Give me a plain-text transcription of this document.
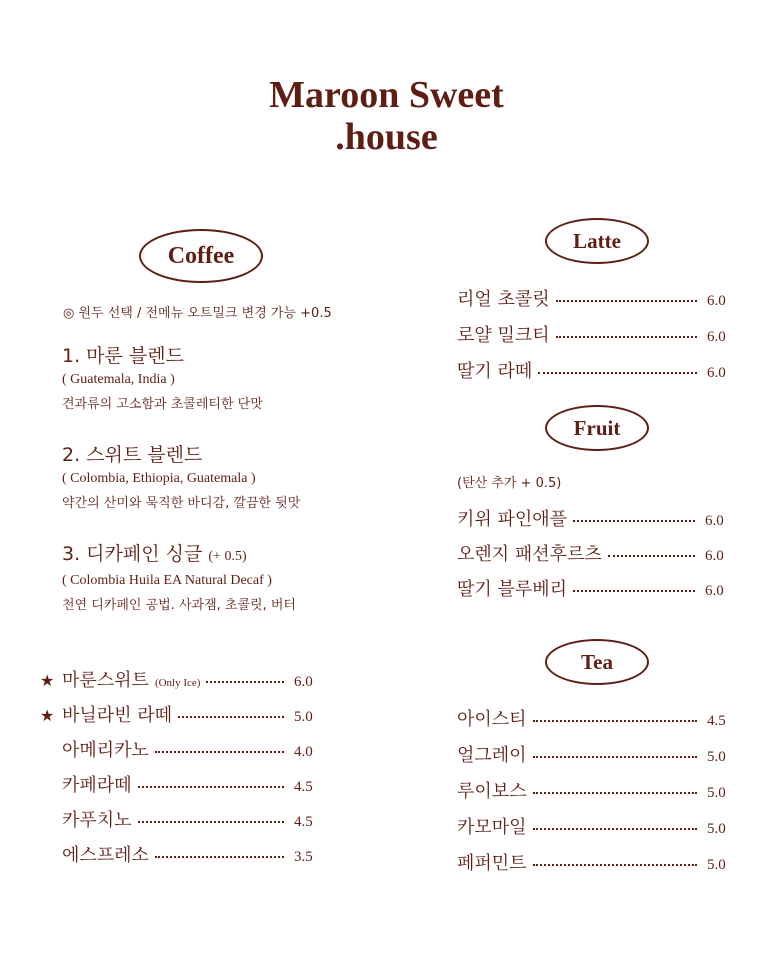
Maroon Sweet
.house
Coffee
◎ 원두 선택 / 전메뉴 오트밀크 변경 가능 +0.5
1. 마룬 블렌드
( Guatemala, India )
견과류의 고소함과 초콜레티한 단맛
2. 스위트 블렌드
( Colombia, Ethiopia, Guatemala )
약간의 산미와 묵직한 바디감, 깔끔한 뒷맛
3. 디카페인 싱글 (+ 0.5)
( Colombia Huila EA Natural Decaf )
천연 디카페인 공법. 사과잼, 초콜릿, 버터
★ 마룬스위트 (Only Ice)	6.0
★ 바닐라빈 라떼	5.0
아메리카노	4.0
카페라떼	4.5
카푸치노	4.5
에스프레소	3.5
Latte
리얼 초콜릿	6.0
로얄 밀크티	6.0
딸기 라떼	6.0
Fruit
(탄산 추가 + 0.5)
키위 파인애플	6.0
오렌지 패션후르츠	6.0
딸기 블루베리	6.0
Tea
아이스티	4.5
얼그레이	5.0
루이보스	5.0
카모마일	5.0
페퍼민트	5.0
